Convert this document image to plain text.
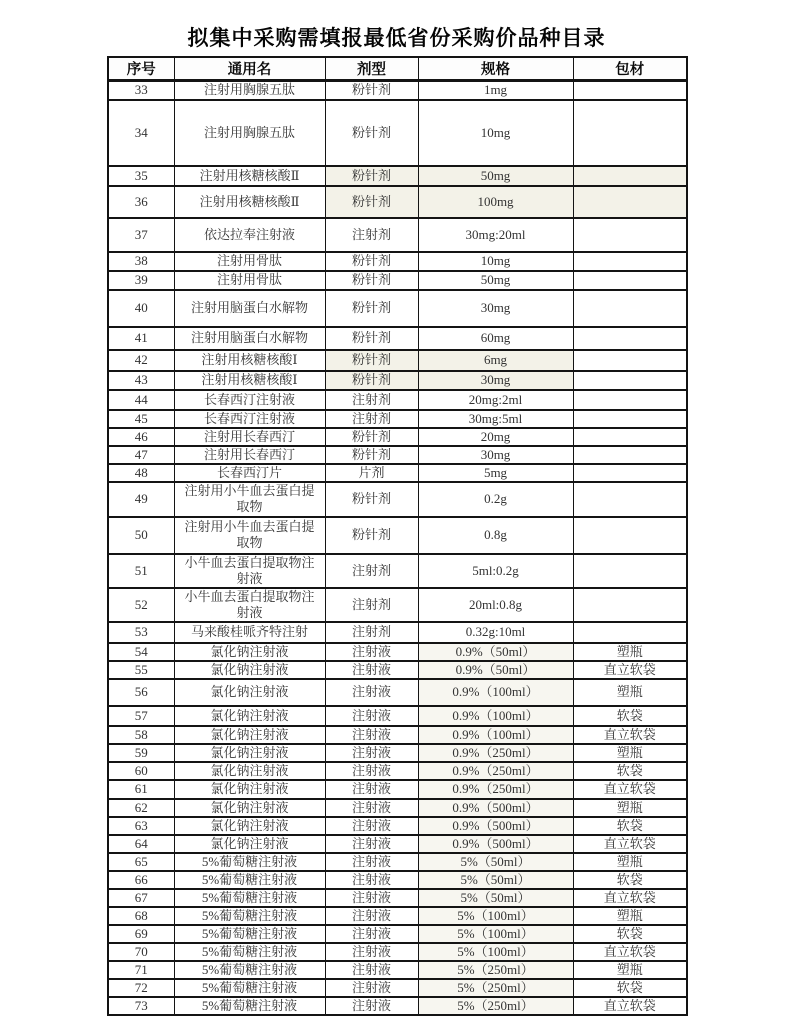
拟集中采购需填报最低省份采购价品种目录
序号	通用名	剂型	规格	包材
33	注射用胸腺五肽	粉针剂	1mg	
34	注射用胸腺五肽	粉针剂	10mg	
35	注射用核糖核酸Ⅱ	粉针剂	50mg	
36	注射用核糖核酸Ⅱ	粉针剂	100mg	
37	依达拉奉注射液	注射剂	30mg:20ml	
38	注射用骨肽	粉针剂	10mg	
39	注射用骨肽	粉针剂	50mg	
40	注射用脑蛋白水解物	粉针剂	30mg	
41	注射用脑蛋白水解物	粉针剂	60mg	
42	注射用核糖核酸Ⅰ	粉针剂	6mg	
43	注射用核糖核酸Ⅰ	粉针剂	30mg	
44	长春西汀注射液	注射剂	20mg:2ml	
45	长春西汀注射液	注射剂	30mg:5ml	
46	注射用长春西汀	粉针剂	20mg	
47	注射用长春西汀	粉针剂	30mg	
48	长春西汀片	片剂	5mg	
49	注射用小牛血去蛋白提取物	粉针剂	0.2g	
50	注射用小牛血去蛋白提取物	粉针剂	0.8g	
51	小牛血去蛋白提取物注射液	注射剂	5ml:0.2g	
52	小牛血去蛋白提取物注射液	注射剂	20ml:0.8g	
53	马来酸桂哌齐特注射	注射剂	0.32g:10ml	
54	氯化钠注射液	注射液	0.9%（50ml）	塑瓶
55	氯化钠注射液	注射液	0.9%（50ml）	直立软袋
56	氯化钠注射液	注射液	0.9%（100ml）	塑瓶
57	氯化钠注射液	注射液	0.9%（100ml）	软袋
58	氯化钠注射液	注射液	0.9%（100ml）	直立软袋
59	氯化钠注射液	注射液	0.9%（250ml）	塑瓶
60	氯化钠注射液	注射液	0.9%（250ml）	软袋
61	氯化钠注射液	注射液	0.9%（250ml）	直立软袋
62	氯化钠注射液	注射液	0.9%（500ml）	塑瓶
63	氯化钠注射液	注射液	0.9%（500ml）	软袋
64	氯化钠注射液	注射液	0.9%（500ml）	直立软袋
65	5%葡萄糖注射液	注射液	5%（50ml）	塑瓶
66	5%葡萄糖注射液	注射液	5%（50ml）	软袋
67	5%葡萄糖注射液	注射液	5%（50ml）	直立软袋
68	5%葡萄糖注射液	注射液	5%（100ml）	塑瓶
69	5%葡萄糖注射液	注射液	5%（100ml）	软袋
70	5%葡萄糖注射液	注射液	5%（100ml）	直立软袋
71	5%葡萄糖注射液	注射液	5%（250ml）	塑瓶
72	5%葡萄糖注射液	注射液	5%（250ml）	软袋
73	5%葡萄糖注射液	注射液	5%（250ml）	直立软袋
